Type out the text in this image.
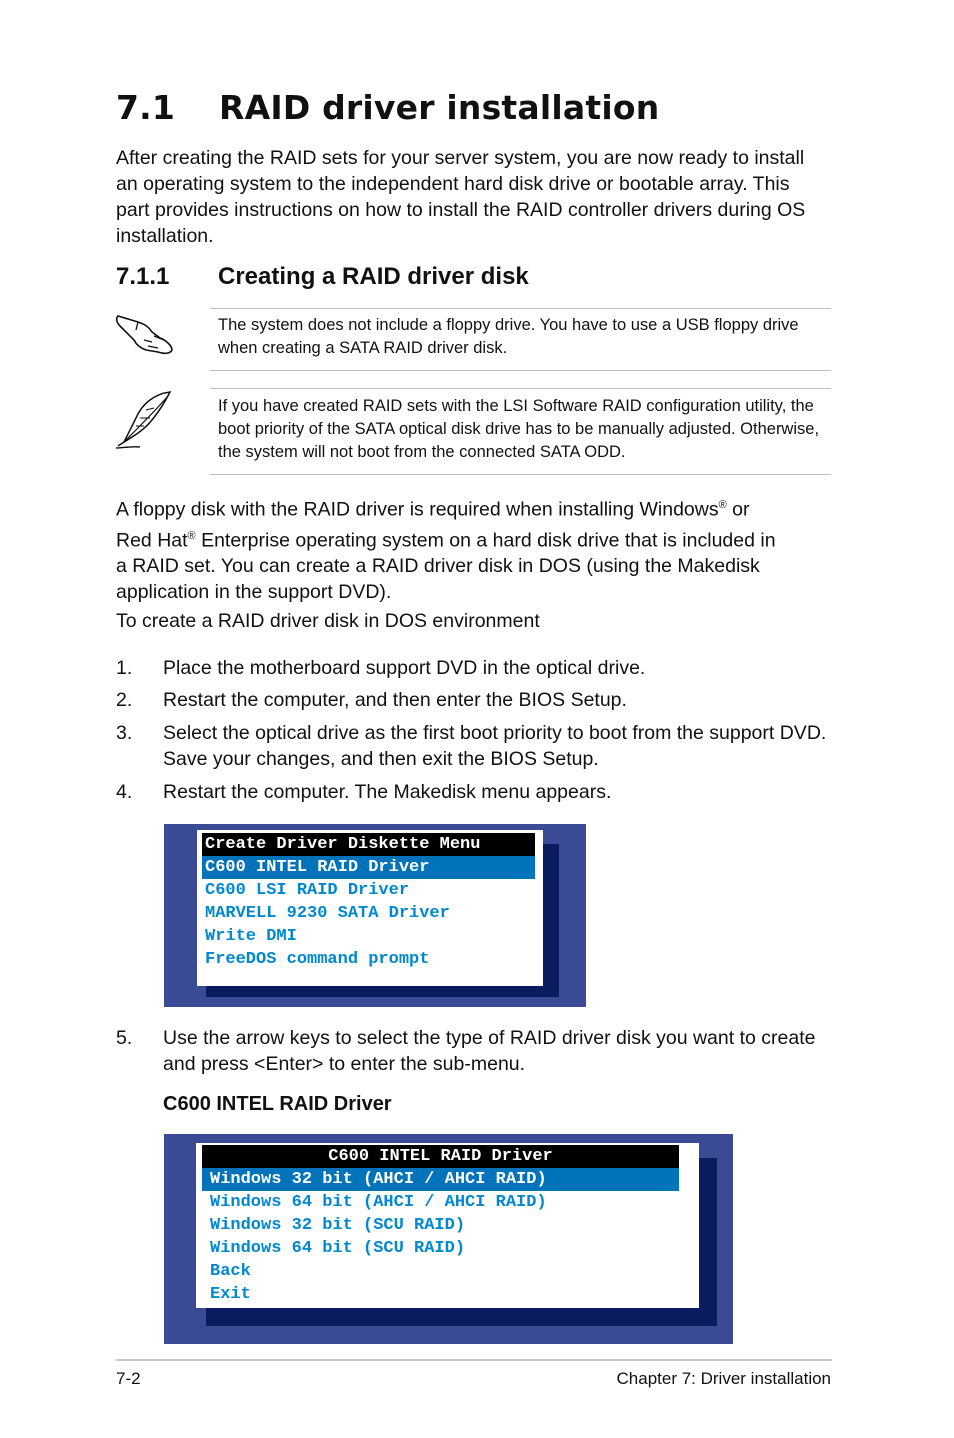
7.1 RAID driver installation

After creating the RAID sets for your server system, you are now ready to install an operating system to the independent hard disk drive or bootable array. This part provides instructions on how to install the RAID controller drivers during OS installation.

7.1.1 Creating a RAID driver disk
The system does not include a floppy drive. You have to use a USB floppy drive when creating a SATA RAID driver disk.
If you have created RAID sets with the LSI Software RAID configuration utility, the boot priority of the SATA optical disk drive has to be manually adjusted. Otherwise, the system will not boot from the connected SATA ODD.

A floppy disk with the RAID driver is required when installing Windows® or Red Hat® Enterprise operating system on a hard disk drive that is included in a RAID set. You can create a RAID driver disk in DOS (using the Makedisk application in the support DVD).

To create a RAID driver disk in DOS environment

1. Place the motherboard support DVD in the optical drive.
2. Restart the computer, and then enter the BIOS Setup.
3. Select the optical drive as the first boot priority to boot from the support DVD. Save your changes, and then exit the BIOS Setup.
4. Restart the computer. The Makedisk menu appears.
Create Driver Diskette Menu
C600 INTEL RAID Driver
C600 LSI RAID Driver
MARVELL 9230 SATA Driver
Write DMI
FreeDOS command prompt
5. Use the arrow keys to select the type of RAID driver disk you want to create and press <Enter> to enter the sub-menu.
C600 INTEL RAID Driver
C600 INTEL RAID Driver
Windows 32 bit (AHCI / AHCI RAID)
Windows 64 bit (AHCI / AHCI RAID)
Windows 32 bit (SCU RAID)
Windows 64 bit (SCU RAID)
Back
Exit
7-2	Chapter 7: Driver installation
